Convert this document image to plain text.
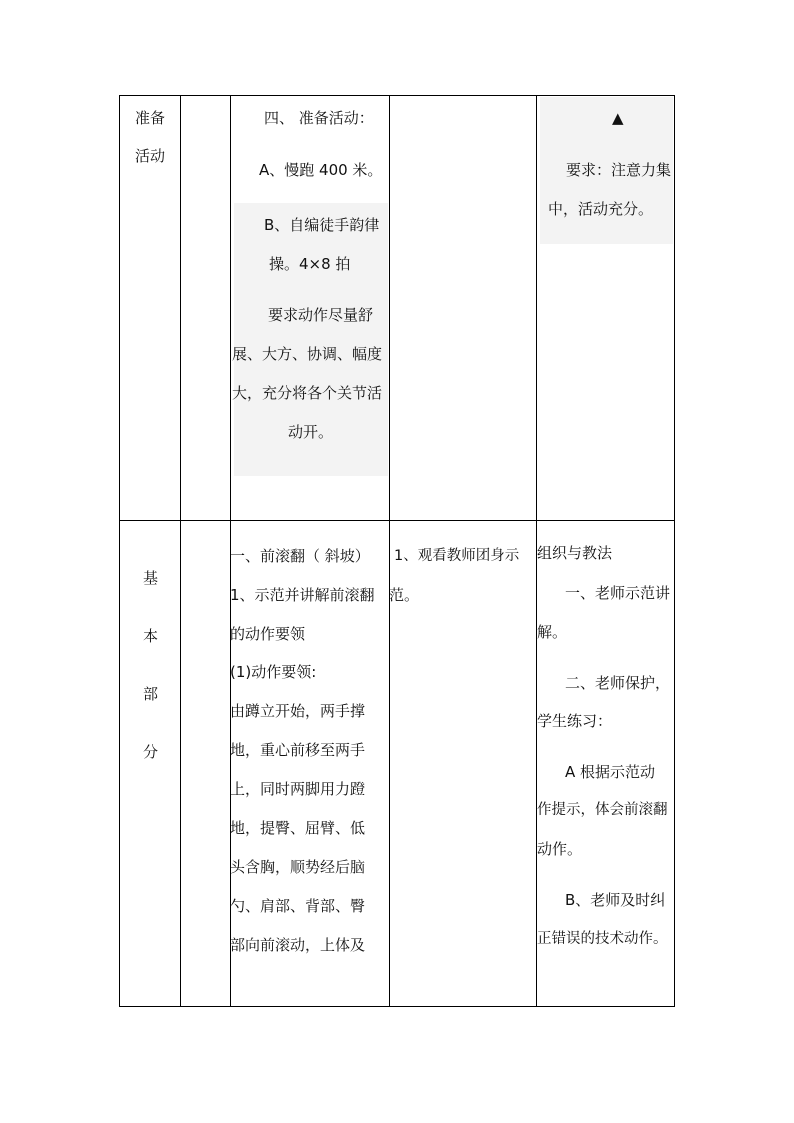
准备
活动
四、 准备活动：
A、慢跑 400 米。
B、自编徒手韵律
操。4×8 拍
要求动作尽量舒
展、大方、协调、幅度
大，充分将各个关节活
动开。
▲
要求：注意力集
中，活动充分。
基
本
部
分
一、前滚翻（ 斜坡）
1、示范并讲解前滚翻
的动作要领
(1)动作要领:
由蹲立开始，两手撑
地，重心前移至两手
上，同时两脚用力蹬
地，提臀、屈臂、低
头含胸，顺势经后脑
勺、肩部、背部、臀
部向前滚动，上体及
1、观看教师团身示
范。
组织与教法
一、老师示范讲
解。
二、老师保护，
学生练习：
A 根据示范动
作提示，体会前滚翻
动作。
B、老师及时纠
正错误的技术动作。
